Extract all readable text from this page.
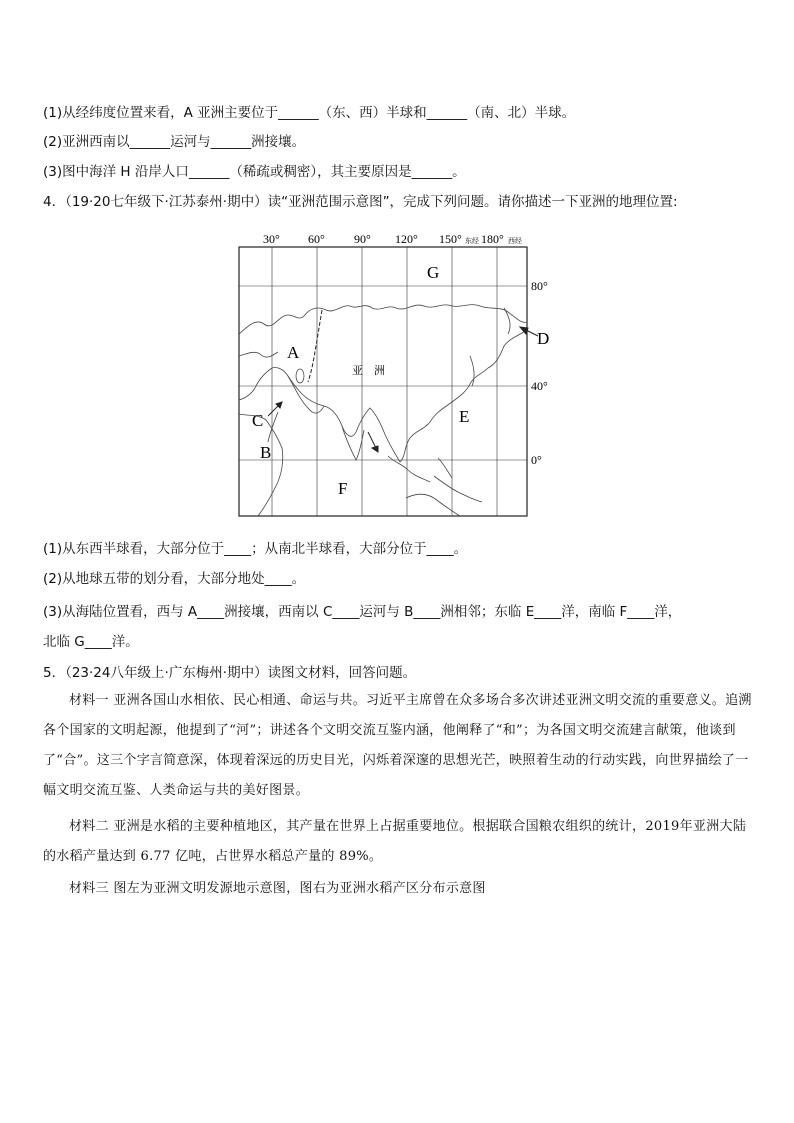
(1)从经纬度位置来看，A 亚洲主要位于______（东、西）半球和______（南、北）半球。
(2)亚洲西南以______运河与______洲接壤。
(3)图中海洋 H 沿岸人口______（稀疏或稠密），其主要原因是______。
4．（19·20七年级下·江苏泰州·期中）读“亚洲范围示意图”，完成下列问题。请你描述一下亚洲的地理位置:
30° 60° 90° 120° 150° 东经 180° 西经
80°
40°
0°
G
A
D
C	E
B
F
亚　洲
(1)从东西半球看，大部分位于____；从南北半球看，大部分位于____。
(2)从地球五带的划分看，大部分地处____。
(3)从海陆位置看，西与 A____洲接壤，西南以 C____运河与 B____洲相邻；东临 E____洋，南临 F____洋，
北临 G____洋。
5．（23·24八年级上·广东梅州·期中）读图文材料，回答问题。
材料一 亚洲各国山水相依、民心相通、命运与共。习近平主席曾在众多场合多次讲述亚洲文明交流的重要意义。追溯各个国家的文明起源，他提到了“河”；讲述各个文明交流互鉴内涵，他阐释了“和”；为各国文明交流建言献策，他谈到了“合”。这三个字言简意深，体现着深远的历史目光，闪烁着深邃的思想光芒，映照着生动的行动实践，向世界描绘了一幅文明交流互鉴、人类命运与共的美好图景。
材料二 亚洲是水稻的主要种植地区，其产量在世界上占据重要地位。根据联合国粮农组织的统计，2019年亚洲大陆的水稻产量达到 6.77 亿吨，占世界水稻总产量的 89%。
材料三 图左为亚洲文明发源地示意图，图右为亚洲水稻产区分布示意图
